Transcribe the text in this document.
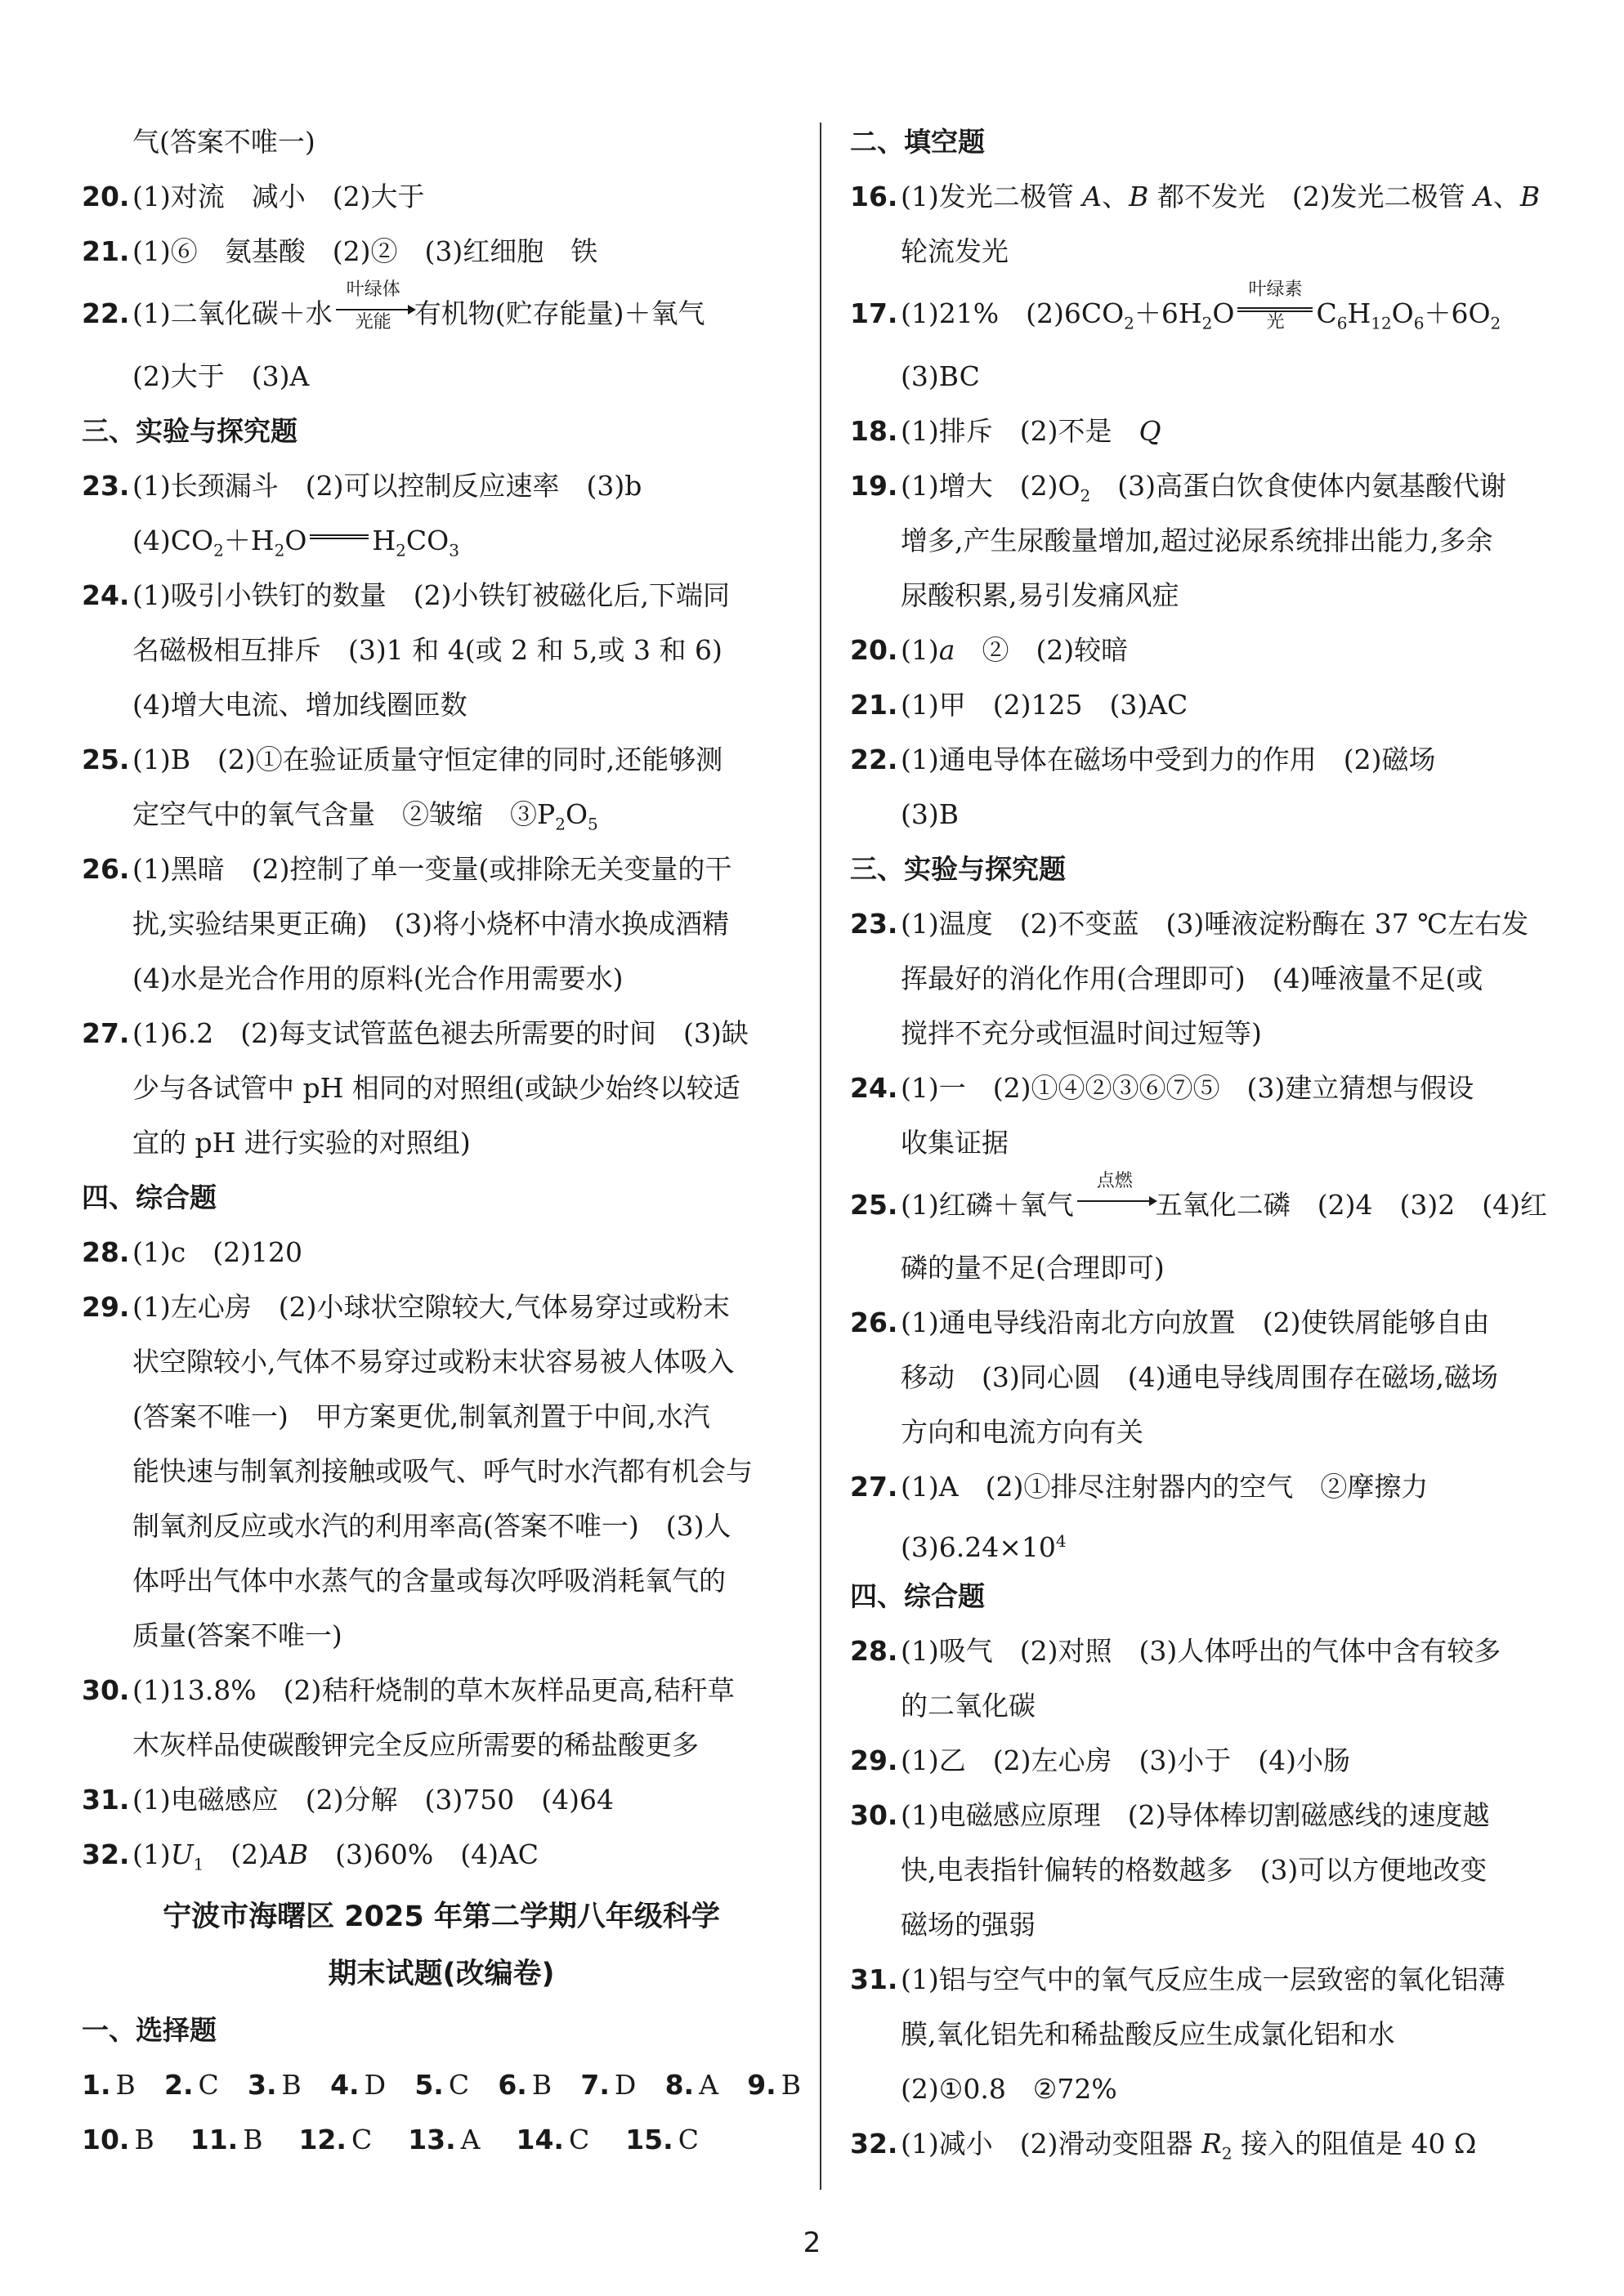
气(答案不唯一)
20. (1)对流　减小　(2)大于
21. (1)⑥　氨基酸　(2)②　(3)红细胞　铁
22. (1)二氧化碳＋水
叶绿体
光能 有机物(贮存能量)＋氧气
(2)大于　(3)A
三、实验与探究题
23. (1)长颈漏斗　(2)可以控制反应速率　(3)b
$(4)CO_2+H_2O$ $H_2CO_3$
24. (1)吸引小铁钉的数量　(2)小铁钉被磁化后,下端同
名磁极相互排斥　(3)1 和 4(或 2 和 5,或 3 和 6)
(4)增大电流、增加线圈匝数
25. (1)B　(2)①在验证质量守恒定律的同时,还能够测
定空气中的氧气含量　②皱缩　$③P_2O_5$
26. (1)黑暗　(2)控制了单一变量(或排除无关变量的干
扰,实验结果更正确)　(3)将小烧杯中清水换成酒精
(4)水是光合作用的原料(光合作用需要水)
27. (1)6.2　(2)每支试管蓝色褪去所需要的时间　(3)缺
少与各试管中 pH 相同的对照组(或缺少始终以较适
宜的 pH 进行实验的对照组)
四、综合题
28. (1)c　(2)120
29. (1)左心房　(2)小球状空隙较大,气体易穿过或粉末
状空隙较小,气体不易穿过或粉末状容易被人体吸入
(答案不唯一)　甲方案更优,制氧剂置于中间,水汽
能快速与制氧剂接触或吸气、呼气时水汽都有机会与
制氧剂反应或水汽的利用率高(答案不唯一)　(3)人
体呼出气体中水蒸气的含量或每次呼吸消耗氧气的
质量(答案不唯一)
30. (1)13.8%　(2)秸秆烧制的草木灰样品更高,秸秆草
木灰样品使碳酸钾完全反应所需要的稀盐酸更多
31. (1)电磁感应　(2)分解　(3)750　(4)64
32. $(1)U_1$　(2)AB　(3)60%　(4)AC
宁波市海曙区 2025 年第二学期八年级科学
期末试题(改编卷)
一、选择题
1. B 2. C 3. B 4. D 5. C 6. B 7. D 8. A 9. B
10. B 11. B 12. C 13. A 14. C 15. C
二、填空题
16. (1)发光二极管 A、B 都不发光　(2)发光二极管 A、B
轮流发光
17. (1)21%　$(2)6CO_2+6H_2O$
叶绿素
光	$C_6H_{12}O_6+6O_2$
(3)BC
18. (1)排斥　(2)不是　Q
19. (1)增大　$(2)O_2$　(3)高蛋白饮食使体内氨基酸代谢
增多,产生尿酸量增加,超过泌尿系统排出能力,多余
尿酸积累,易引发痛风症
20. (1)a　②　(2)较暗
21. (1)甲　(2)125　(3)AC
22. (1)通电导体在磁场中受到力的作用　(2)磁场
(3)B
三、实验与探究题
23. (1)温度　(2)不变蓝　(3)唾液淀粉酶在 37 ℃左右发
挥最好的消化作用(合理即可)　(4)唾液量不足(或
搅拌不充分或恒温时间过短等)
24. (1)一　(2)①④②③⑥⑦⑤　(3)建立猜想与假设
收集证据
25. (1)红磷＋氧气
点燃
五氧化二磷　(2)4　(3)2　(4)红
磷的量不足(合理即可)
26. (1)通电导线沿南北方向放置　(2)使铁屑能够自由
移动　(3)同心圆　(4)通电导线周围存在磁场,磁场
方向和电流方向有关
27. (1)A　(2)①排尽注射器内的空气　②摩擦力
$(3)6.24\times 10^4$
四、综合题
28. (1)吸气　(2)对照　(3)人体呼出的气体中含有较多
的二氧化碳
29. (1)乙　(2)左心房　(3)小于　(4)小肠
30. (1)电磁感应原理　(2)导体棒切割磁感线的速度越
快,电表指针偏转的格数越多　(3)可以方便地改变
磁场的强弱
31. (1)铝与空气中的氧气反应生成一层致密的氧化铝薄
膜,氧化铝先和稀盐酸反应生成氯化铝和水
(2)①0.8　②72%
32. (1)减小　(2)滑动变阻器 $R_2$ 接入的阻值是 40 Ω
2
